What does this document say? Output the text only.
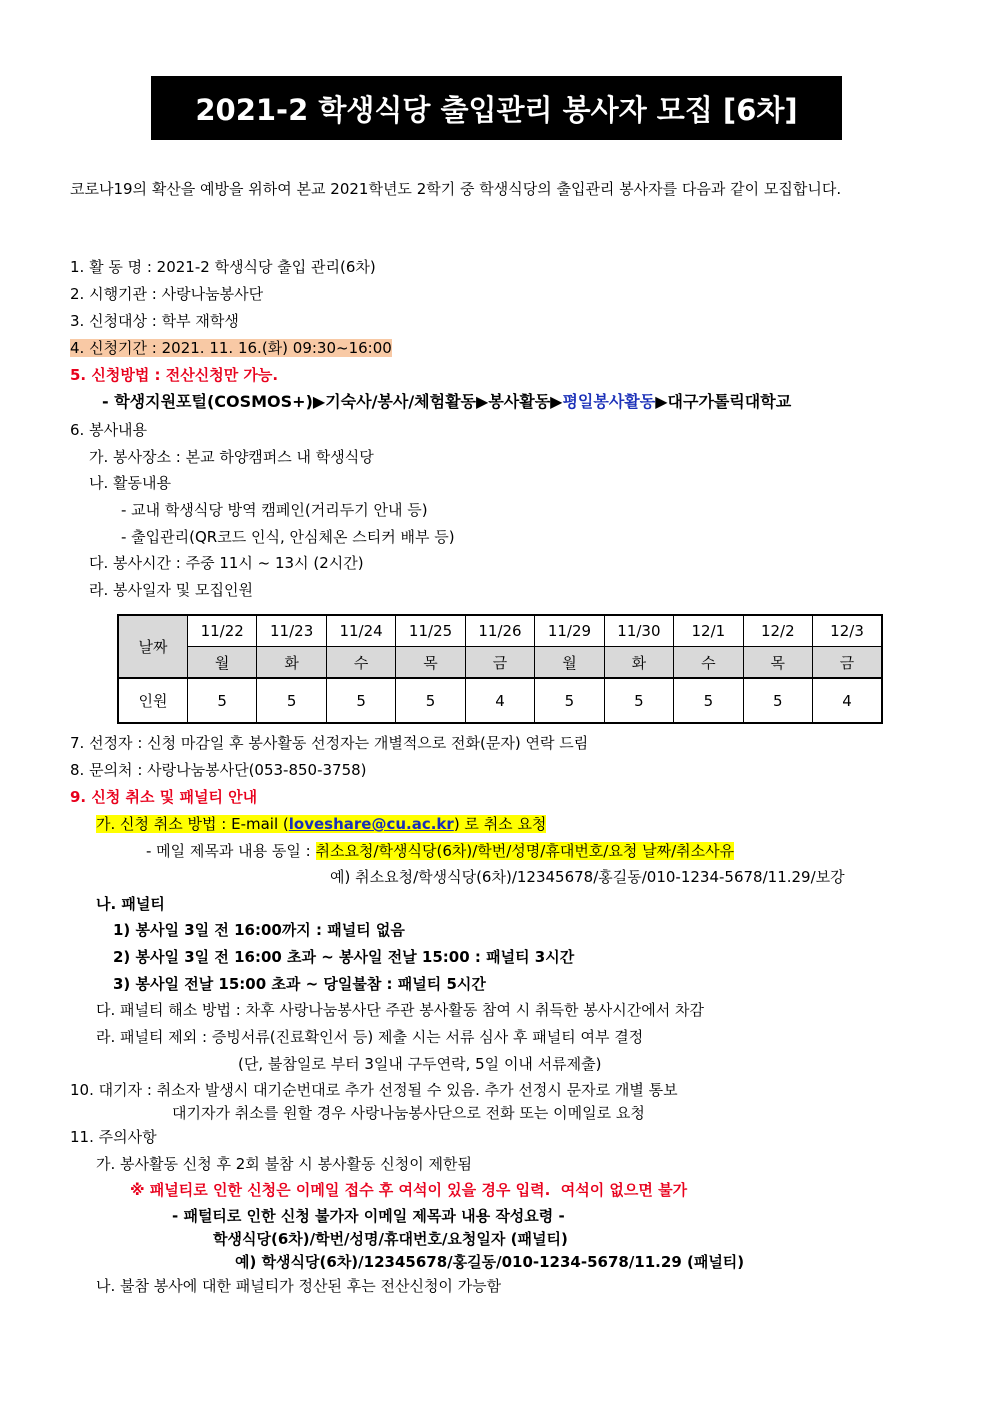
2021-2 학생식당 출입관리 봉사자 모집 [6차]
코로나19의 확산을 예방을 위하여 본교 2021학년도 2학기 중 학생식당의 출입관리 봉사자를 다음과 같이 모집합니다.
1. 활 동 명 : 2021-2 학생식당 출입 관리(6차)
2. 시행기관 : 사랑나눔봉사단
3. 신청대상 : 학부 재학생
4. 신청기간 : 2021. 11. 16.(화) 09:30~16:00
5. 신청방법 : 전산신청만 가능.
- 학생지원포털(COSMOS+)▶기숙사/봉사/체험활동▶봉사활동▶평일봉사활동▶대구가톨릭대학교
6. 봉사내용
가. 봉사장소 : 본교 하양캠퍼스 내 학생식당
나. 활동내용
- 교내 학생식당 방역 캠페인(거리두기 안내 등)
- 출입관리(QR코드 인식, 안심체온 스티커 배부 등)
다. 봉사시간 : 주중 11시 ~ 13시 (2시간)
라. 봉사일자 및 모집인원
날짜	11/22	11/23	11/24	11/25	11/26	11/29	11/30	12/1	12/2	12/3
	월	화	수	목	금	월	화	수	목	금
인원	5	5	5	5	4	5	5	5	5	4
7. 선정자 : 신청 마감일 후 봉사활동 선정자는 개별적으로 전화(문자) 연락 드림
8. 문의처 : 사랑나눔봉사단(053-850-3758)
9. 신청 취소 및 패널티 안내
가. 신청 취소 방법 : E-mail (loveshare@cu.ac.kr) 로 취소 요청
- 메일 제목과 내용 동일 : 취소요청/학생식당(6차)/학번/성명/휴대번호/요청 날짜/취소사유
예) 취소요청/학생식당(6차)/12345678/홍길동/010-1234-5678/11.29/보강
나. 패널티
1) 봉사일 3일 전 16:00까지 : 패널티 없음
2) 봉사일 3일 전 16:00 초과 ~ 봉사일 전날 15:00 : 패널티 3시간
3) 봉사일 전날 15:00 초과 ~ 당일불참 : 패널티 5시간
다. 패널티 해소 방법 : 차후 사랑나눔봉사단 주관 봉사활동 참여 시 취득한 봉사시간에서 차감
라. 패널티 제외 : 증빙서류(진료확인서 등) 제출 시는 서류 심사 후 패널티 여부 결정
(단, 불참일로 부터 3일내 구두연락, 5일 이내 서류제출)
10. 대기자 : 취소자 발생시 대기순번대로 추가 선정될 수 있음. 추가 선정시 문자로 개별 통보
대기자가 취소를 원할 경우 사랑나눔봉사단으로 전화 또는 이메일로 요청
11. 주의사항
가. 봉사활동 신청 후 2회 불참 시 봉사활동 신청이 제한됨
※ 패널티로 인한 신청은 이메일 접수 후 여석이 있을 경우 입력. 여석이 없으면 불가
- 패털티로 인한 신청 불가자 이메일 제목과 내용 작성요령 -
학생식당(6차)/학번/성명/휴대번호/요청일자 (패널티)
예) 학생식당(6차)/12345678/홍길동/010-1234-5678/11.29 (패널티)
나. 불참 봉사에 대한 패널티가 정산된 후는 전산신청이 가능함
